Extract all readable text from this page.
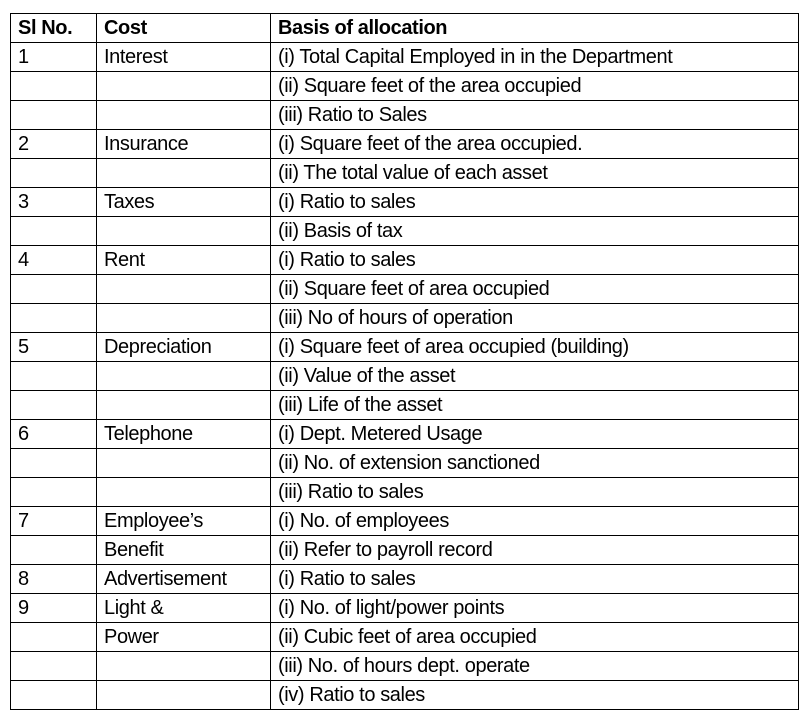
Sl No.	Cost	Basis of allocation
1	Interest	(i) Total Capital Employed in in the Department
		(ii) Square feet of the area occupied
		(iii) Ratio to Sales
2	Insurance	(i) Square feet of the area occupied.
		(ii) The total value of each asset
3	Taxes	(i) Ratio to sales
		(ii) Basis of tax
4	Rent	(i) Ratio to sales
		(ii) Square feet of area occupied
		(iii) No of hours of operation
5	Depreciation	(i) Square feet of area occupied (building)
		(ii) Value of the asset
		(iii) Life of the asset
6	Telephone	(i) Dept. Metered Usage
		(ii) No. of extension sanctioned
		(iii) Ratio to sales
7	Employee’s	(i) No. of employees
	Benefit	(ii) Refer to payroll record
8	Advertisement	(i) Ratio to sales
9	Light &	(i) No. of light/power points
	Power	(ii) Cubic feet of area occupied
		(iii) No. of hours dept. operate
		(iv) Ratio to sales
